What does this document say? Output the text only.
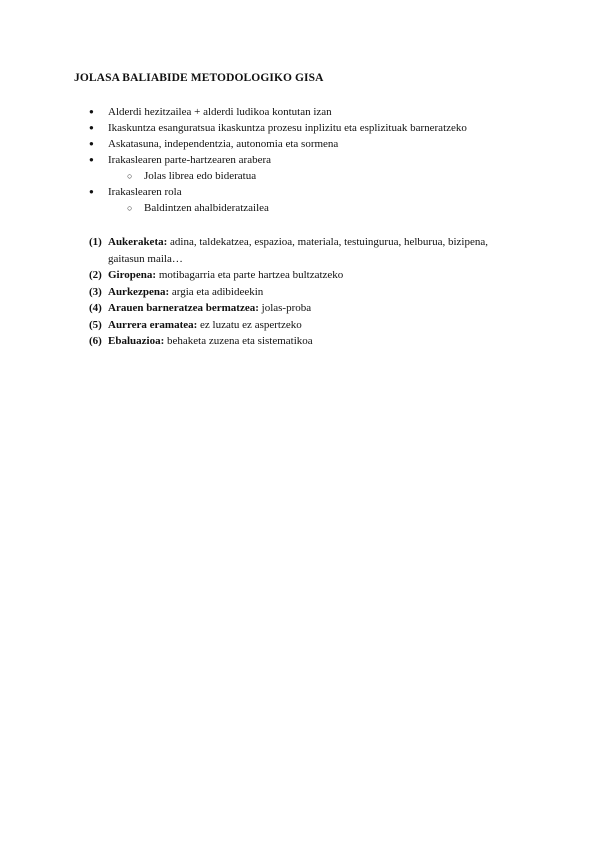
JOLASA BALIABIDE METODOLOGIKO GISA
● Alderdi hezitzailea + alderdi ludikoa kontutan izan
● Ikaskuntza esanguratsua ikaskuntza prozesu inplizitu eta esplizituak barneratzeko
● Askatasuna, independentzia, autonomia eta sormena
● Irakaslearen parte-hartzearen arabera
○ Jolas librea edo bideratua
● Irakaslearen rola
○ Baldintzen ahalbideratzailea
(1) Aukeraketa: adina, taldekatzea, espazioa, materiala, testuingurua, helburua, bizipena, gaitasun maila…
(2) Giropena: motibagarria eta parte hartzea bultzatzeko
(3) Aurkezpena: argia eta adibideekin
(4) Arauen barneratzea bermatzea: jolas-proba
(5) Aurrera eramatea: ez luzatu ez aspertzeko
(6) Ebaluazioa: behaketa zuzena eta sistematikoa
